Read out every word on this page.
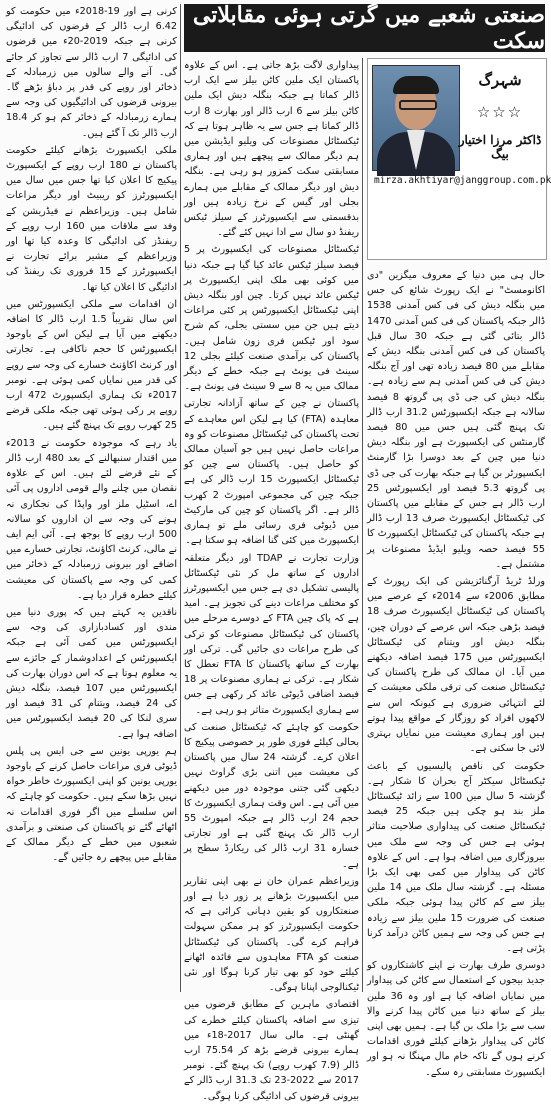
صنعتی شعبے میں گرتی ہوئی مقابلاتی سکت
شہرگ
☆☆☆
ڈاکٹر مرزا اختیار بیگ
mirza.akhtiyar@janggroup.com.pk

حال ہی میں دنیا کے معروف میگزین "دی اکانومسٹ" نے ایک رپورٹ شائع کی جس میں بنگلہ دیش کی فی کس آمدنی 1538 ڈالر جبکہ پاکستان کی فی کس آمدنی 1470 ڈالر بتائی گئی ہے جبکہ 30 سال قبل پاکستان کی فی کس آمدنی بنگلہ دیش کے مقابلے میں 80 فیصد زیادہ تھی اور آج بنگلہ دیش کی فی کس آمدنی ہم سے زیادہ ہے۔ بنگلہ دیش کی جی ڈی پی گروتھ 8 فیصد سالانہ ہے جبکہ ایکسپورٹس 31.2 ارب ڈالر تک پہنچ گئی ہیں جس میں 80 فیصد گارمنٹس کی ایکسپورٹ ہے اور بنگلہ دیش دنیا میں چین کے بعد دوسرا بڑا گارمنٹ ایکسپورٹر بن گیا ہے جبکہ بھارت کی جی ڈی پی گروتھ 5.3 فیصد اور ایکسپورٹس 25 ارب ڈالر ہے جس کے مقابلے میں پاکستان کی ٹیکسٹائل ایکسپورٹ صرف 13 ارب ڈالر ہے جبکہ پاکستان کی ٹیکسٹائل ایکسپورٹ کا 55 فیصد حصہ ویلیو ایڈیڈ مصنوعات پر مشتمل ہے۔

ورلڈ ٹریڈ آرگنائزیشن کی ایک رپورٹ کے مطابق 2006ء سے 2014ء کے عرصے میں پاکستان کی ٹیکسٹائل ایکسپورٹ صرف 18 فیصد بڑھی جبکہ اس عرصے کے دوران چین، بنگلہ دیش اور ویتنام کی ٹیکسٹائل ایکسپورٹس میں 175 فیصد اضافہ دیکھنے میں آیا۔ ان ممالک کی طرح پاکستان کی ٹیکسٹائل صنعت کی ترقی ملکی معیشت کے لئے انتہائی ضروری ہے کیونکہ اس سے لاکھوں افراد کو روزگار کے مواقع پیدا ہوتے ہیں اور ہماری معیشت میں نمایاں بہتری لائی جا سکتی ہے۔

حکومت کی ناقص پالیسیوں کے باعث ٹیکسٹائل سیکٹر آج بحران کا شکار ہے۔ گزشتہ 5 سال میں 100 سے زائد ٹیکسٹائل ملز بند ہو چکی ہیں جبکہ 25 فیصد ٹیکسٹائل صنعت کی پیداواری صلاحیت متاثر ہوئی ہے جس کی وجہ سے ملک میں بیروزگاری میں اضافہ ہوا ہے۔ اس کے علاوہ کاٹن کی پیداوار میں کمی بھی ایک بڑا مسئلہ ہے۔ گزشتہ سال ملک میں 14 ملین بیلز سے کم کاٹن پیدا ہوئی جبکہ ملکی صنعت کی ضرورت 15 ملین بیلز سے زیادہ ہے جس کی وجہ سے ہمیں کاٹن درآمد کرنا پڑتی ہے۔

دوسری طرف بھارت نے اپنے کاشتکاروں کو جدید بیجوں کے استعمال سے کاٹن کی پیداوار میں نمایاں اضافہ کیا ہے اور وہ 36 ملین بیلز کے ساتھ دنیا میں کاٹن پیدا کرنے والا سب سے بڑا ملک بن گیا ہے۔ ہمیں بھی اپنی کاٹن کی پیداوار بڑھانے کیلئے فوری اقدامات کرنے ہوں گے تاکہ خام مال مہنگا نہ ہو اور ایکسپورٹ مسابقتی رہ سکے۔

پیداواری لاگت بڑھ جاتی ہے۔ اس کے علاوہ پاکستان ایک ملین کاٹن بیلز سے ایک ارب ڈالر کماتا ہے جبکہ بنگلہ دیش ایک ملین کاٹن بیلز سے 6 ارب ڈالر اور بھارت 8 ارب ڈالر کماتا ہے جس سے یہ ظاہر ہوتا ہے کہ ٹیکسٹائل مصنوعات کی ویلیو ایڈیشن میں ہم دیگر ممالک سے پیچھے ہیں اور ہماری مسابقتی سکت کمزور ہو رہی ہے۔ بنگلہ دیش اور دیگر ممالک کے مقابلے میں ہمارے بجلی اور گیس کے نرخ زیادہ ہیں اور بدقسمتی سے ایکسپورٹرز کے سیلز ٹیکس ریفنڈ دو سال سے ادا نہیں کئے گئے۔

ٹیکسٹائل مصنوعات کی ایکسپورٹ پر 5 فیصد سیلز ٹیکس عائد کیا گیا ہے جبکہ دنیا میں کوئی بھی ملک اپنی ایکسپورٹ پر ٹیکس عائد نہیں کرتا۔ چین اور بنگلہ دیش اپنی ٹیکسٹائل ایکسپورٹس پر کئی مراعات دیتے ہیں جن میں سستی بجلی، کم شرح سود اور ٹیکس فری زون شامل ہیں۔ پاکستان کی برآمدی صنعت کیلئے بجلی 12 سینٹ فی یونٹ ہے جبکہ خطے کے دیگر ممالک میں یہ 8 سے 9 سینٹ فی یونٹ ہے۔

پاکستان نے چین کے ساتھ آزادانہ تجارتی معاہدہ (FTA) کیا ہے لیکن اس معاہدے کے تحت پاکستان کی ٹیکسٹائل مصنوعات کو وہ مراعات حاصل نہیں ہیں جو آسیان ممالک کو حاصل ہیں۔ پاکستان سے چین کو ٹیکسٹائل ایکسپورٹ 15 ارب ڈالر کی ہے جبکہ چین کی مجموعی امپورٹ 2 کھرب ڈالر ہے۔ اگر پاکستان کو چین کی مارکیٹ میں ڈیوٹی فری رسائی ملے تو ہماری ایکسپورٹ میں کئی گنا اضافہ ہو سکتا ہے۔

وزارت تجارت نے TDAP اور دیگر متعلقہ اداروں کے ساتھ مل کر نئی ٹیکسٹائل پالیسی تشکیل دی ہے جس میں ایکسپورٹرز کو مختلف مراعات دینے کی تجویز ہے۔ امید ہے کہ پاک چین FTA کے دوسرے مرحلے میں پاکستان کی ٹیکسٹائل مصنوعات کو ترکی کی طرح مراعات دی جائیں گی۔ ترکی اور بھارت کے ساتھ پاکستان کا FTA تعطل کا شکار ہے۔ ترکی نے ہماری مصنوعات پر 18 فیصد اضافی ڈیوٹی عائد کر رکھی ہے جس سے ہماری ایکسپورٹ متاثر ہو رہی ہے۔

حکومت کو چاہئے کہ ٹیکسٹائل صنعت کی بحالی کیلئے فوری طور پر خصوصی پیکیج کا اعلان کرے۔ گزشتہ 24 سال میں پاکستان کی معیشت میں اتنی بڑی گراوٹ نہیں دیکھی گئی جتنی موجودہ دور میں دیکھنے میں آئی ہے۔ اس وقت ہماری ایکسپورٹ کا حجم 24 ارب ڈالر ہے جبکہ امپورٹ 55 ارب ڈالر تک پہنچ گئی ہے اور تجارتی خسارہ 31 ارب ڈالر کی ریکارڈ سطح پر ہے۔

وزیراعظم عمران خان نے بھی اپنی تقاریر میں ایکسپورٹ بڑھانے پر زور دیا ہے اور صنعتکاروں کو یقین دہانی کرائی ہے کہ حکومت ایکسپورٹرز کو ہر ممکن سہولت فراہم کرے گی۔ پاکستان کی ٹیکسٹائل صنعت کو FTA معاہدوں سے فائدہ اٹھانے کیلئے خود کو بھی تیار کرنا ہوگا اور نئی ٹیکنالوجی اپنانا ہوگی۔

اقتصادی ماہرین کے مطابق قرضوں میں تیزی سے اضافہ پاکستان کیلئے خطرے کی گھنٹی ہے۔ مالی سال 2017-18ء میں ہمارے بیرونی قرضے بڑھ کر 75.54 ارب ڈالر (7.9 کھرب روپے) تک پہنچ گئے۔ نومبر 2017 سے 2022-23 تک 31.3 ارب ڈالر کے بیرونی قرضوں کی ادائیگی کرنا ہوگی۔

کرنی ہے اور 19-2018ء میں حکومت کو 6.42 ارب ڈالر کے قرضوں کی ادائیگی کرنی ہے جبکہ 2019-20ء میں قرضوں کی ادائیگی 7 ارب ڈالر سے تجاوز کر جائے گی۔ آنے والے سالوں میں زرمبادلہ کے ذخائر اور روپے کی قدر پر دباؤ بڑھے گا۔ بیرونی قرضوں کی ادائیگیوں کی وجہ سے ہمارے زرمبادلہ کے ذخائر کم ہو کر 18.4 ارب ڈالر تک آ گئے ہیں۔

ملکی ایکسپورٹ بڑھانے کیلئے حکومت پاکستان نے 180 ارب روپے کے ایکسپورٹ پیکیج کا اعلان کیا تھا جس میں سال میں ایکسپورٹرز کو ریبیٹ اور دیگر مراعات شامل ہیں۔ وزیراعظم نے فیڈریشن کے وفد سے ملاقات میں 160 ارب روپے کے ریفنڈز کی ادائیگی کا وعدہ کیا تھا اور وزیراعظم کے مشیر برائے تجارت نے ایکسپورٹرز کے 15 فروری تک ریفنڈ کی ادائیگی کا اعلان کیا تھا۔

ان اقدامات سے ملکی ایکسپورٹس میں اس سال تقریباً 1.5 ارب ڈالر کا اضافہ دیکھنے میں آیا ہے لیکن اس کے باوجود ایکسپورٹس کا حجم ناکافی ہے۔ تجارتی اور کرنٹ اکاؤنٹ خسارے کی وجہ سے روپے کی قدر میں نمایاں کمی ہوئی ہے۔ نومبر 2017ء تک ہماری ایکسپورٹ 472 ارب روپے پر رکی ہوئی تھی جبکہ ملکی قرضے 25 کھرب روپے تک پہنچ گئے ہیں۔

یاد رہے کہ موجودہ حکومت نے 2013ء میں اقتدار سنبھالنے کے بعد 480 ارب ڈالر کے نئے قرضے لئے ہیں۔ اس کے علاوہ نقصان میں چلنے والے قومی اداروں پی آئی اے، اسٹیل ملز اور واپڈا کی نجکاری نہ ہونے کی وجہ سے ان اداروں کو سالانہ 500 ارب روپے کا بوجھ ہے۔ آئی ایم ایف نے مالی، کرنٹ اکاؤنٹ، تجارتی خسارے میں اضافے اور بیرونی زرمبادلہ کے ذخائر میں کمی کی وجہ سے پاکستان کی معیشت کیلئے خطرہ قرار دیا ہے۔

ناقدین یہ کہتے ہیں کہ پوری دنیا میں مندی اور کسادبازاری کی وجہ سے ایکسپورٹس میں کمی آئی ہے جبکہ ایکسپورٹس کے اعدادوشمار کے جائزے سے یہ معلوم ہوتا ہے کہ اس دوران بھارت کی ایکسپورٹس میں 107 فیصد، بنگلہ دیش کی 24 فیصد، ویتنام کی 31 فیصد اور سری لنکا کی 20 فیصد ایکسپورٹس میں اضافہ ہوا ہے۔

ہم یورپی یونین سے جی ایس پی پلس ڈیوٹی فری مراعات حاصل کرنے کے باوجود یورپی یونین کو اپنی ایکسپورٹ خاطر خواہ نہیں بڑھا سکے ہیں۔ حکومت کو چاہئے کہ اس سلسلے میں اگر فوری اقدامات نہ اٹھائے گئے تو پاکستان کی صنعتی و برآمدی شعبوں میں خطے کے دیگر ممالک کے مقابلے میں پیچھے رہ جائیں گے۔
